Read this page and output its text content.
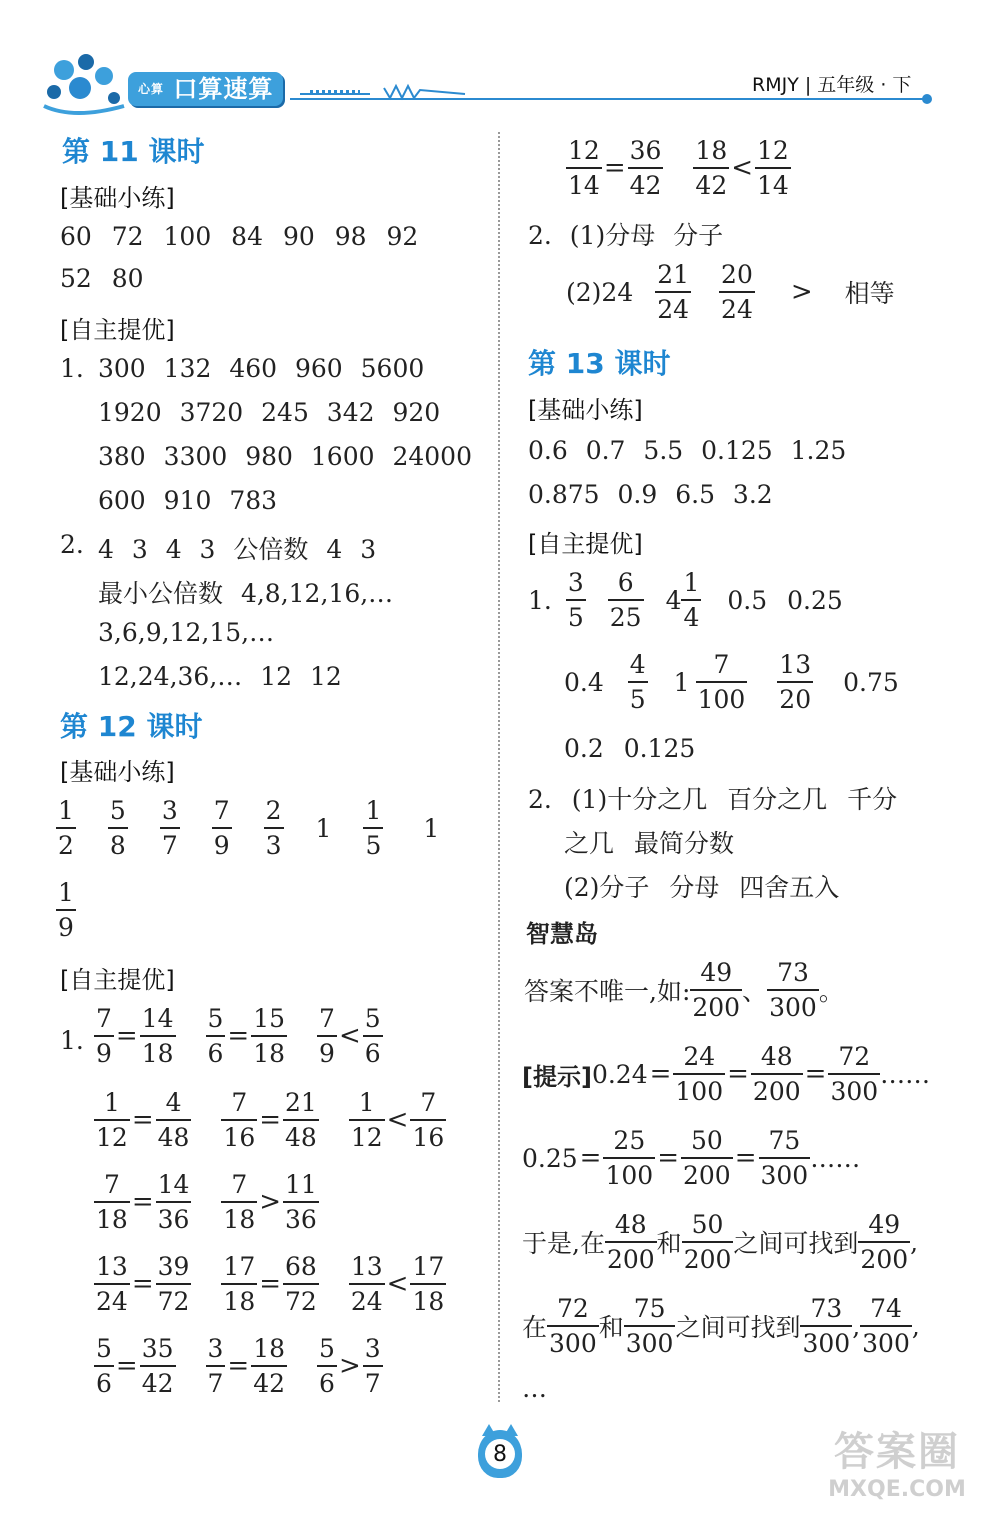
$^{心算}$ 口算速算	RMJY | 五年级 · 下
第 11 课时
[基础小练]
60 72 100 84 90 98 92
52 80
[自主提优]
1. 300 132 460 960 5600
1920 3720 245 342 920
380 3300 980 1600 24000
600 910 783
2. 4 3 4 3 公倍数 4 3
最小公倍数 4,8,12,16,…
3,6,9,12,15,…
12,24,36,… 12 12
第 12 课时
[基础小练]
$\frac{1}{2} \frac{5}{8} \frac{3}{7} \frac{7}{9} \frac{2}{3} 1 \frac{1}{5} 1$
$\frac{1}{9}$
[自主提优]
1. $\frac{7}{9} = \frac{14}{18} \frac{5}{6} = \frac{15}{18} \frac{7}{9} < \frac{5}{6}$
$\frac{1}{12} = \frac{4}{48} \frac{7}{16} = \frac{21}{48} \frac{1}{12} < \frac{7}{16}$
$\frac{7}{18} = \frac{14}{36} \frac{7}{18} > \frac{11}{36}$
$\frac{13}{24} = \frac{39}{72} \frac{17}{18} = \frac{68}{72} \frac{13}{24} < \frac{17}{18}$
$\frac{5}{6} = \frac{35}{42} \frac{3}{7} = \frac{18}{42} \frac{5}{6} > \frac{3}{7}$
$\frac{12}{14} = \frac{36}{42} \frac{18}{42} < \frac{12}{14}$
2. (1)分母 分子
$(2)24 \frac{21}{24} \frac{20}{24}$ > 相等
第 13 课时
[基础小练]
0.6 0.7 5.5 0.125 1.25
0.875 0.9 6.5 3.2
[自主提优]
1. $\frac{3}{5} \frac{6}{25} 4 \frac{1}{4} 0.5$ 0.25
$0.4 \frac{4}{5} 1 \frac{7}{100} \frac{13}{20} 0.75$
0.2 0.125
2. (1)十分之几 百分之几 千分
之几 最简分数
(2)分子 分母 四舍五入
智慧岛
答案不唯一,如: $\frac{49}{200}$ 、 $\frac{73}{300}$ 。
[提示] $0.24 = \frac{24}{100} = \frac{48}{200} = \frac{72}{300}$ ……
$0.25 = \frac{25}{100} = \frac{50}{200} = \frac{75}{300}$ ……
于是,在 $\frac{48}{200}$ 和 $\frac{50}{200}$ 之间可找到 $\frac{49}{200}$ ,
在 $\frac{72}{300}$ 和 $\frac{75}{300}$ 之间可找到 $\frac{73}{300}$ , $\frac{74}{300}$ ,
…
8	答案圈
MXQE.COM
